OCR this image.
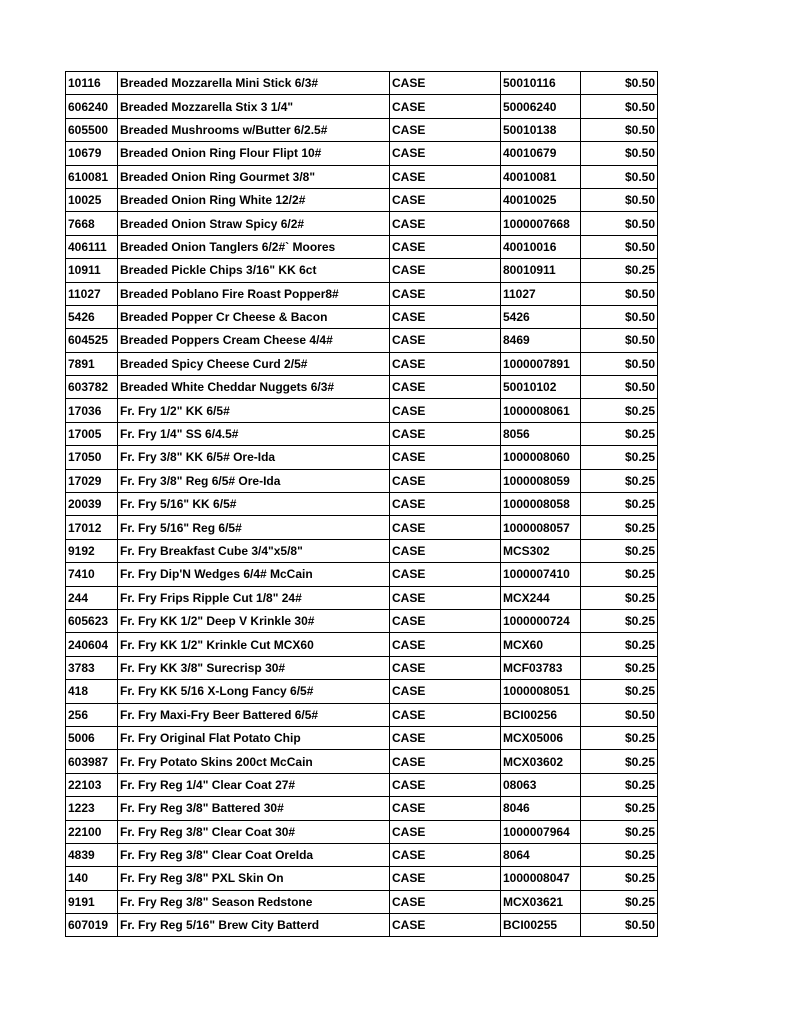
10116	Breaded Mozzarella Mini Stick 6/3#	CASE	50010116	$0.50
606240	Breaded Mozzarella Stix 3 1/4"	CASE	50006240	$0.50
605500	Breaded Mushrooms w/Butter 6/2.5#	CASE	50010138	$0.50
10679	Breaded Onion Ring Flour Flipt 10#	CASE	40010679	$0.50
610081	Breaded Onion Ring Gourmet 3/8"	CASE	40010081	$0.50
10025	Breaded Onion Ring White 12/2#	CASE	40010025	$0.50
7668	Breaded Onion Straw Spicy 6/2#	CASE	1000007668	$0.50
406111	Breaded Onion Tanglers 6/2#` Moores	CASE	40010016	$0.50
10911	Breaded Pickle Chips 3/16" KK 6ct	CASE	80010911	$0.25
11027	Breaded Poblano Fire Roast Popper8#	CASE	11027	$0.50
5426	Breaded Popper Cr Cheese & Bacon	CASE	5426	$0.50
604525	Breaded Poppers Cream Cheese 4/4#	CASE	8469	$0.50
7891	Breaded Spicy Cheese Curd 2/5#	CASE	1000007891	$0.50
603782	Breaded White Cheddar Nuggets 6/3#	CASE	50010102	$0.50
17036	Fr. Fry 1/2" KK 6/5#	CASE	1000008061	$0.25
17005	Fr. Fry 1/4" SS 6/4.5#	CASE	8056	$0.25
17050	Fr. Fry 3/8" KK 6/5# Ore-Ida	CASE	1000008060	$0.25
17029	Fr. Fry 3/8" Reg 6/5# Ore-Ida	CASE	1000008059	$0.25
20039	Fr. Fry 5/16" KK 6/5#	CASE	1000008058	$0.25
17012	Fr. Fry 5/16" Reg 6/5#	CASE	1000008057	$0.25
9192	Fr. Fry Breakfast Cube 3/4"x5/8"	CASE	MCS302	$0.25
7410	Fr. Fry Dip'N Wedges 6/4# McCain	CASE	1000007410	$0.25
244	Fr. Fry Frips Ripple Cut 1/8" 24#	CASE	MCX244	$0.25
605623	Fr. Fry KK 1/2" Deep V Krinkle 30#	CASE	1000000724	$0.25
240604	Fr. Fry KK 1/2" Krinkle Cut MCX60	CASE	MCX60	$0.25
3783	Fr. Fry KK 3/8" Surecrisp 30#	CASE	MCF03783	$0.25
418	Fr. Fry KK 5/16 X-Long Fancy 6/5#	CASE	1000008051	$0.25
256	Fr. Fry Maxi-Fry Beer Battered 6/5#	CASE	BCI00256	$0.50
5006	Fr. Fry Original Flat Potato Chip	CASE	MCX05006	$0.25
603987	Fr. Fry Potato Skins 200ct McCain	CASE	MCX03602	$0.25
22103	Fr. Fry Reg 1/4" Clear Coat 27#	CASE	08063	$0.25
1223	Fr. Fry Reg 3/8" Battered 30#	CASE	8046	$0.25
22100	Fr. Fry Reg 3/8" Clear Coat 30#	CASE	1000007964	$0.25
4839	Fr. Fry Reg 3/8" Clear Coat OreIda	CASE	8064	$0.25
140	Fr. Fry Reg 3/8" PXL Skin On	CASE	1000008047	$0.25
9191	Fr. Fry Reg 3/8" Season Redstone	CASE	MCX03621	$0.25
607019	Fr. Fry Reg 5/16" Brew City Batterd	CASE	BCI00255	$0.50
